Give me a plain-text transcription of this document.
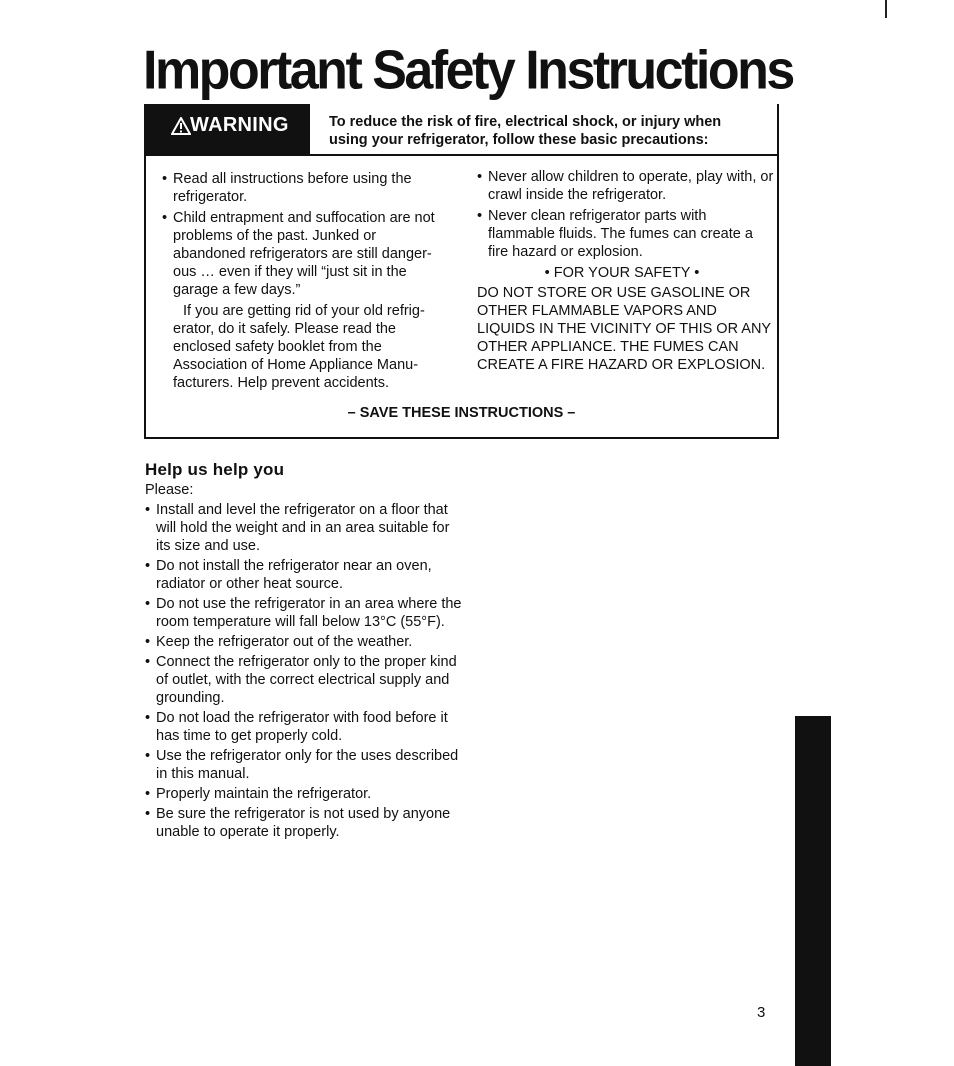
Important Safety Instructions
WARNING	To reduce the risk of fire, electrical shock, or injury when
using your refrigerator, follow these basic precautions:
• Read all instructions before using the refrigerator.
• Child entrapment and suffocation are not problems of the past. Junked or abandoned refrigerators are still danger-ous … even if they will “just sit in the garage a few days.”

If you are getting rid of your old refrig-erator, do it safely. Please read the enclosed safety booklet from the Association of Home Appliance Manu-facturers. Help prevent accidents.

• Never allow children to operate, play with, or crawl inside the refrigerator.
• Never clean refrigerator parts with flammable fluids. The fumes can create a fire hazard or explosion.
• FOR YOUR SAFETY •

DO NOT STORE OR USE GASOLINE OR OTHER FLAMMABLE VAPORS AND LIQUIDS IN THE VICINITY OF THIS OR ANY OTHER APPLIANCE. THE FUMES CAN CREATE A FIRE HAZARD OR EXPLOSION.

– SAVE THESE INSTRUCTIONS –
Help us help you

Please:

• Install and level the refrigerator on a floor that will hold the weight and in an area suitable for its size and use.
• Do not install the refrigerator near an oven, radiator or other heat source.
• Do not use the refrigerator in an area where the room temperature will fall below 13°C (55°F).
• Keep the refrigerator out of the weather.
• Connect the refrigerator only to the proper kind of outlet, with the correct electrical supply and grounding.
• Do not load the refrigerator with food before it has time to get properly cold.
• Use the refrigerator only for the uses described in this manual.
• Properly maintain the refrigerator.
• Be sure the refrigerator is not used by anyone unable to operate it properly.
3
